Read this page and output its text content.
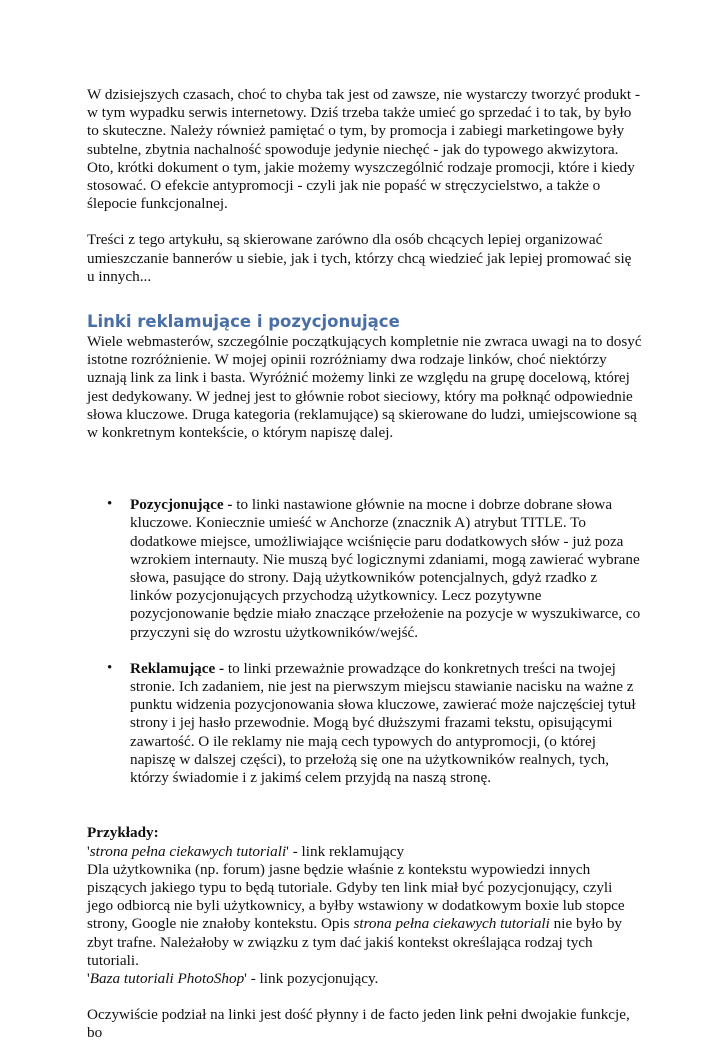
W dzisiejszych czasach, choć to chyba tak jest od zawsze, nie wystarczy tworzyć produkt - w tym wypadku serwis internetowy. Dziś trzeba także umieć go sprzedać i to tak, by było to skuteczne. Należy również pamiętać o tym, by promocja i zabiegi marketingowe były subtelne, zbytnia nachalność spowoduje jedynie niechęć - jak do typowego akwizytora. Oto, krótki dokument o tym, jakie możemy wyszczególnić rodzaje promocji, które i kiedy stosować. O efekcie antypromocji - czyli jak nie popaść w stręczycielstwo, a także o ślepocie funkcjonalnej.

Treści z tego artykułu, są skierowane zarówno dla osób chcących lepiej organizować umieszczanie bannerów u siebie, jak i tych, którzy chcą wiedzieć jak lepiej promować się u innych...

Linki reklamujące i pozycjonujące

Wiele webmasterów, szczególnie początkujących kompletnie nie zwraca uwagi na to dosyć istotne rozróżnienie. W mojej opinii rozróżniamy dwa rodzaje linków, choć niektórzy uznają link za link i basta. Wyróżnić możemy linki ze względu na grupę docelową, której jest dedykowany. W jednej jest to głównie robot sieciowy, który ma połknąć odpowiednie słowa kluczowe. Druga kategoria (reklamujące) są skierowane do ludzi, umiejscowione są w konkretnym kontekście, o którym napiszę dalej.

• Pozycjonujące - to linki nastawione głównie na mocne i dobrze dobrane słowa kluczowe. Koniecznie umieść w Anchorze (znacznik A) atrybut TITLE. To dodatkowe miejsce, umożliwiające wciśnięcie paru dodatkowych słów - już poza wzrokiem internauty. Nie muszą być logicznymi zdaniami, mogą zawierać wybrane słowa, pasujące do strony. Dają użytkowników potencjalnych, gdyż rzadko z linków pozycjonujących przychodzą użytkownicy. Lecz pozytywne pozycjonowanie będzie miało znaczące przełożenie na pozycje w wyszukiwarce, co przyczyni się do wzrostu użytkowników/wejść.
• Reklamujące - to linki przeważnie prowadzące do konkretnych treści na twojej stronie. Ich zadaniem, nie jest na pierwszym miejscu stawianie nacisku na ważne z punktu widzenia pozycjonowania słowa kluczowe, zawierać może najczęściej tytuł strony i jej hasło przewodnie. Mogą być dłuższymi frazami tekstu, opisującymi zawartość. O ile reklamy nie mają cech typowych do antypromocji, (o której napiszę w dalszej części), to przełożą się one na użytkowników realnych, tych, którzy świadomie i z jakimś celem przyjdą na naszą stronę.

Przykłady:

'strona pełna ciekawych tutoriali' - link reklamujący

Dla użytkownika (np. forum) jasne będzie właśnie z kontekstu wypowiedzi innych piszących jakiego typu to będą tutoriale. Gdyby ten link miał być pozycjonujący, czyli jego odbiorcą nie byli użytkownicy, a byłby wstawiony w dodatkowym boxie lub stopce strony, Google nie znałoby kontekstu. Opis strona pełna ciekawych tutoriali nie było by zbyt trafne. Należałoby w związku z tym dać jakiś kontekst określająca rodzaj tych tutoriali.

'Baza tutoriali PhotoShop' - link pozycjonujący.

Oczywiście podział na linki jest dość płynny i de facto jeden link pełni dwojakie funkcje, bo
